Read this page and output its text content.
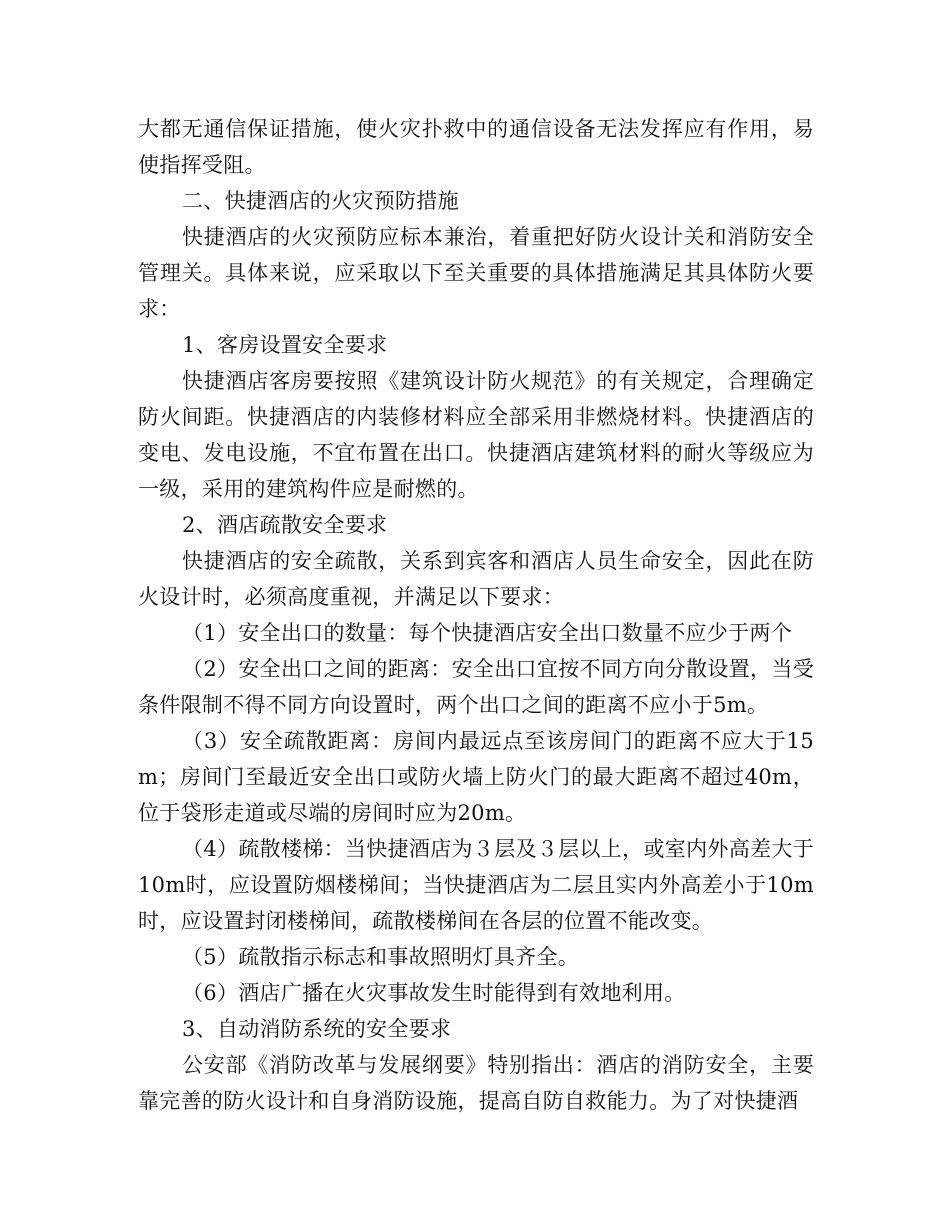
大都无通信保证措施，使火灾扑救中的通信设备无法发挥应有作用，易使指挥受阻。

二、快捷酒店的火灾预防措施

快捷酒店的火灾预防应标本兼治，着重把好防火设计关和消防安全管理关。具体来说，应采取以下至关重要的具体措施满足其具体防火要求：

1、客房设置安全要求

快捷酒店客房要按照《建筑设计防火规范》的有关规定，合理确定防火间距。快捷酒店的内装修材料应全部采用非燃烧材料。快捷酒店的变电、发电设施，不宜布置在出口。快捷酒店建筑材料的耐火等级应为一级，采用的建筑构件应是耐燃的。

2、酒店疏散安全要求

快捷酒店的安全疏散，关系到宾客和酒店人员生命安全，因此在防火设计时，必须高度重视，并满足以下要求：

（1）安全出口的数量：每个快捷酒店安全出口数量不应少于两个

（2）安全出口之间的距离：安全出口宜按不同方向分散设置，当受条件限制不得不同方向设置时，两个出口之间的距离不应小于5m。

（3）安全疏散距离：房间内最远点至该房间门的距离不应大于15m；房间门至最近安全出口或防火墙上防火门的最大距离不超过40m，位于袋形走道或尽端的房间时应为20m。

（4）疏散楼梯：当快捷酒店为３层及３层以上，或室内外高差大于10m时，应设置防烟楼梯间；当快捷酒店为二层且实内外高差小于10m时，应设置封闭楼梯间，疏散楼梯间在各层的位置不能改变。

（5）疏散指示标志和事故照明灯具齐全。

（6）酒店广播在火灾事故发生时能得到有效地利用。

3、自动消防系统的安全要求

公安部《消防改革与发展纲要》特别指出：酒店的消防安全，主要靠完善的防火设计和自身消防设施，提高自防自救能力。为了对快捷酒
